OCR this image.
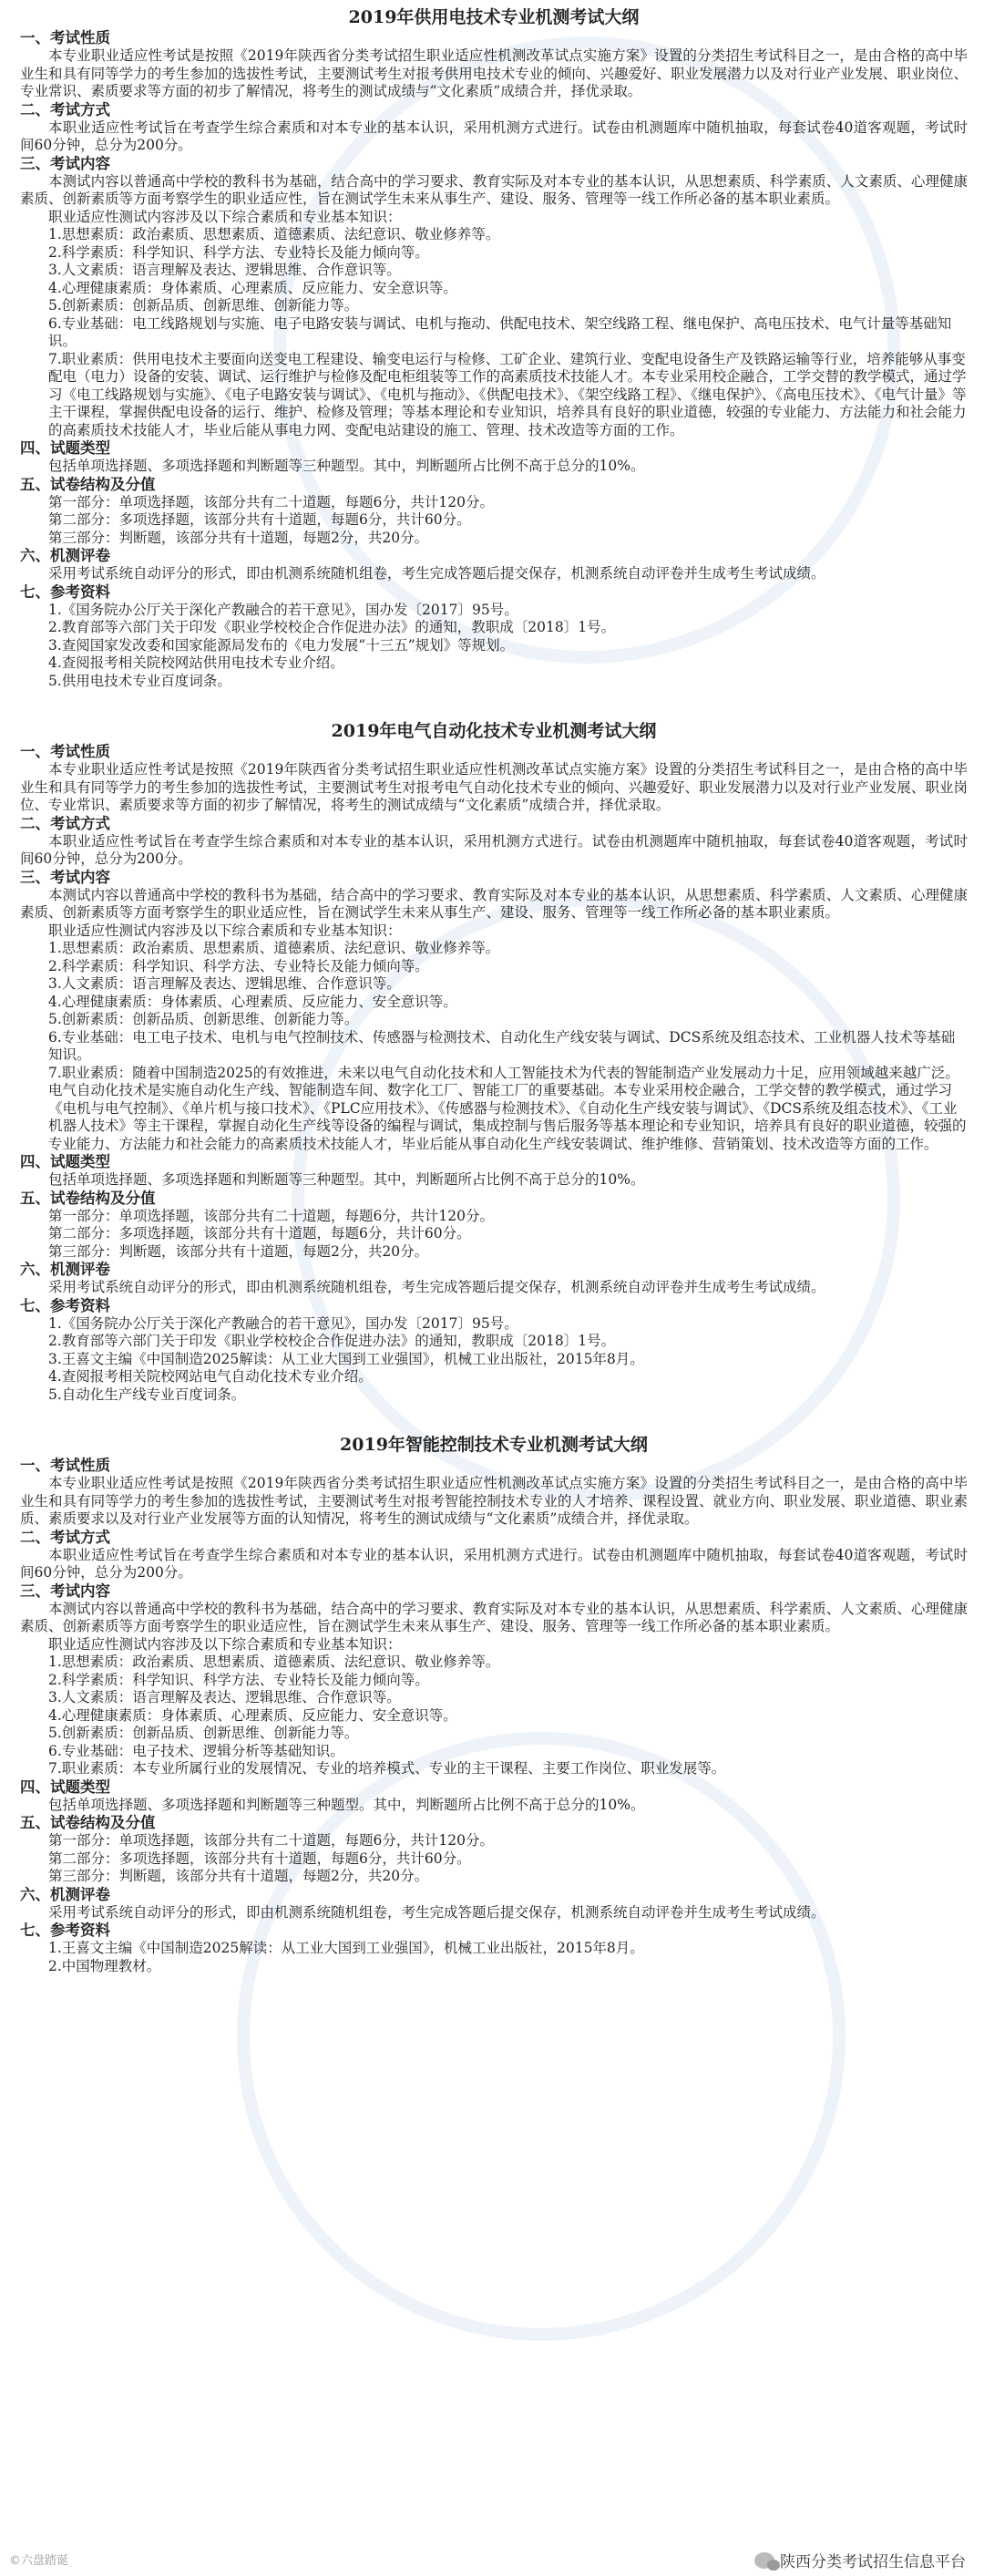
2019年供用电技术专业机测考试大纲
一、考试性质
本专业职业适应性考试是按照《2019年陕西省分类考试招生职业适应性机测改革试点实施方案》设置的分类招生考试科目之一，是由合格的高中毕业生和具有同等学力的考生参加的选拔性考试，主要测试考生对报考供用电技术专业的倾向、兴趣爱好、职业发展潜力以及对行业产业发展、职业岗位、专业常识、素质要求等方面的初步了解情况，将考生的测试成绩与“文化素质”成绩合并，择优录取。
二、考试方式
本职业适应性考试旨在考查学生综合素质和对本专业的基本认识，采用机测方式进行。试卷由机测题库中随机抽取，每套试卷40道客观题，考试时间60分钟，总分为200分。
三、考试内容
本测试内容以普通高中学校的教科书为基础，结合高中的学习要求、教育实际及对本专业的基本认识，从思想素质、科学素质、人文素质、心理健康素质、创新素质等方面考察学生的职业适应性，旨在测试学生未来从事生产、建设、服务、管理等一线工作所必备的基本职业素质。
职业适应性测试内容涉及以下综合素质和专业基本知识：
1.思想素质：政治素质、思想素质、道德素质、法纪意识、敬业修养等。
2.科学素质：科学知识、科学方法、专业特长及能力倾向等。
3.人文素质：语言理解及表达、逻辑思维、合作意识等。
4.心理健康素质：身体素质、心理素质、反应能力、安全意识等。
5.创新素质：创新品质、创新思维、创新能力等。
6.专业基础：电工线路规划与实施、电子电路安装与调试、电机与拖动、供配电技术、架空线路工程、继电保护、高电压技术、电气计量等基础知识。
7.职业素质：供用电技术主要面向送变电工程建设、输变电运行与检修、工矿企业、建筑行业、变配电设备生产及铁路运输等行业，培养能够从事变配电（电力）设备的安装、调试、运行维护与检修及配电柜组装等工作的高素质技术技能人才。本专业采用校企融合，工学交替的教学模式，通过学习《电工线路规划与实施》、《电子电路安装与调试》、《电机与拖动》、《供配电技术》、《架空线路工程》、《继电保护》、《高电压技术》、《电气计量》等主干课程，掌握供配电设备的运行、维护、检修及管理；等基本理论和专业知识，培养具有良好的职业道德，较强的专业能力、方法能力和社会能力的高素质技术技能人才，毕业后能从事电力网、变配电站建设的施工、管理、技术改造等方面的工作。
四、试题类型
包括单项选择题、多项选择题和判断题等三种题型。其中，判断题所占比例不高于总分的10%。
五、试卷结构及分值
第一部分：单项选择题，该部分共有二十道题，每题6分，共计120分。
第二部分：多项选择题，该部分共有十道题，每题6分，共计60分。
第三部分：判断题，该部分共有十道题，每题2分，共20分。
六、机测评卷
采用考试系统自动评分的形式，即由机测系统随机组卷，考生完成答题后提交保存，机测系统自动评卷并生成考生考试成绩。
七、参考资料
1.《国务院办公厅关于深化产教融合的若干意见》，国办发〔2017〕95号。
2.教育部等六部门关于印发《职业学校校企合作促进办法》的通知，教职成〔2018〕1号。
3.查阅国家发改委和国家能源局发布的《电力发展“十三五”规划》等规划。
4.查阅报考相关院校网站供用电技术专业介绍。
5.供用电技术专业百度词条。
2019年电气自动化技术专业机测考试大纲
一、考试性质
本专业职业适应性考试是按照《2019年陕西省分类考试招生职业适应性机测改革试点实施方案》设置的分类招生考试科目之一，是由合格的高中毕业生和具有同等学力的考生参加的选拔性考试，主要测试考生对报考电气自动化技术专业的倾向、兴趣爱好、职业发展潜力以及对行业产业发展、职业岗位、专业常识、素质要求等方面的初步了解情况，将考生的测试成绩与“文化素质”成绩合并，择优录取。
二、考试方式
本职业适应性考试旨在考查学生综合素质和对本专业的基本认识，采用机测方式进行。试卷由机测题库中随机抽取，每套试卷40道客观题，考试时间60分钟，总分为200分。
三、考试内容
本测试内容以普通高中学校的教科书为基础，结合高中的学习要求、教育实际及对本专业的基本认识，从思想素质、科学素质、人文素质、心理健康素质、创新素质等方面考察学生的职业适应性，旨在测试学生未来从事生产、建设、服务、管理等一线工作所必备的基本职业素质。
职业适应性测试内容涉及以下综合素质和专业基本知识：
1.思想素质：政治素质、思想素质、道德素质、法纪意识、敬业修养等。
2.科学素质：科学知识、科学方法、专业特长及能力倾向等。
3.人文素质：语言理解及表达、逻辑思维、合作意识等。
4.心理健康素质：身体素质、心理素质、反应能力、安全意识等。
5.创新素质：创新品质、创新思维、创新能力等。
6.专业基础：电工电子技术、电机与电气控制技术、传感器与检测技术、自动化生产线安装与调试、DCS系统及组态技术、工业机器人技术等基础知识。
7.职业素质：随着中国制造2025的有效推进，未来以电气自动化技术和人工智能技术为代表的智能制造产业发展动力十足，应用领域越来越广泛。电气自动化技术是实施自动化生产线、智能制造车间、数字化工厂、智能工厂的重要基础。本专业采用校企融合，工学交替的教学模式，通过学习《电机与电气控制》、《单片机与接口技术》、《PLC应用技术》、《传感器与检测技术》、《自动化生产线安装与调试》、《DCS系统及组态技术》、《工业机器人技术》等主干课程，掌握自动化生产线等设备的编程与调试，集成控制与售后服务等基本理论和专业知识，培养具有良好的职业道德，较强的专业能力、方法能力和社会能力的高素质技术技能人才，毕业后能从事自动化生产线安装调试、维护维修、营销策划、技术改造等方面的工作。
四、试题类型
包括单项选择题、多项选择题和判断题等三种题型。其中，判断题所占比例不高于总分的10%。
五、试卷结构及分值
第一部分：单项选择题，该部分共有二十道题，每题6分，共计120分。
第二部分：多项选择题，该部分共有十道题，每题6分，共计60分。
第三部分：判断题，该部分共有十道题，每题2分，共20分。
六、机测评卷
采用考试系统自动评分的形式，即由机测系统随机组卷，考生完成答题后提交保存，机测系统自动评卷并生成考生考试成绩。
七、参考资料
1.《国务院办公厅关于深化产教融合的若干意见》，国办发〔2017〕95号。
2.教育部等六部门关于印发《职业学校校企合作促进办法》的通知，教职成〔2018〕1号。
3.王喜文主编《中国制造2025解读：从工业大国到工业强国》，机械工业出版社，2015年8月。
4.查阅报考相关院校网站电气自动化技术专业介绍。
5.自动化生产线专业百度词条。
2019年智能控制技术专业机测考试大纲
一、考试性质
本专业职业适应性考试是按照《2019年陕西省分类考试招生职业适应性机测改革试点实施方案》设置的分类招生考试科目之一，是由合格的高中毕业生和具有同等学力的考生参加的选拔性考试，主要测试考生对报考智能控制技术专业的人才培养、课程设置、就业方向、职业发展、职业道德、职业素质、素质要求以及对行业产业发展等方面的认知情况，将考生的测试成绩与“文化素质”成绩合并，择优录取。
二、考试方式
本职业适应性考试旨在考查学生综合素质和对本专业的基本认识，采用机测方式进行。试卷由机测题库中随机抽取，每套试卷40道客观题，考试时间60分钟，总分为200分。
三、考试内容
本测试内容以普通高中学校的教科书为基础，结合高中的学习要求、教育实际及对本专业的基本认识，从思想素质、科学素质、人文素质、心理健康素质、创新素质等方面考察学生的职业适应性，旨在测试学生未来从事生产、建设、服务、管理等一线工作所必备的基本职业素质。
职业适应性测试内容涉及以下综合素质和专业基本知识：
1.思想素质：政治素质、思想素质、道德素质、法纪意识、敬业修养等。
2.科学素质：科学知识、科学方法、专业特长及能力倾向等。
3.人文素质：语言理解及表达、逻辑思维、合作意识等。
4.心理健康素质：身体素质、心理素质、反应能力、安全意识等。
5.创新素质：创新品质、创新思维、创新能力等。
6.专业基础：电子技术、逻辑分析等基础知识。
7.职业素质：本专业所属行业的发展情况、专业的培养模式、专业的主干课程、主要工作岗位、职业发展等。
四、试题类型
包括单项选择题、多项选择题和判断题等三种题型。其中，判断题所占比例不高于总分的10%。
五、试卷结构及分值
第一部分：单项选择题，该部分共有二十道题，每题6分，共计120分。
第二部分：多项选择题，该部分共有十道题，每题6分，共计60分。
第三部分：判断题，该部分共有十道题，每题2分，共20分。
六、机测评卷
采用考试系统自动评分的形式，即由机测系统随机组卷，考生完成答题后提交保存，机测系统自动评卷并生成考生考试成绩。
七、参考资料
1.王喜文主编《中国制造2025解读：从工业大国到工业强国》，机械工业出版社，2015年8月。
2.中国物理教材。
©六盘踏诞	陕西分类考试招生信息平台
